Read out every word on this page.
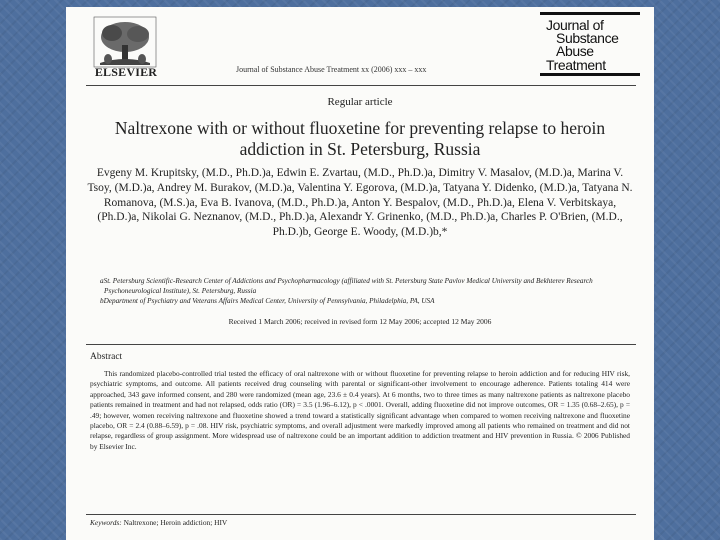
ELSEVIER	Journal of Substance Abuse Treatment xx (2006) xxx – xxx
Journal of
Substance
Abuse
Treatment
Regular article
Naltrexone with or without fluoxetine for preventing relapse to heroin addiction in St. Petersburg, Russia
Evgeny M. Krupitsky, (M.D., Ph.D.)a, Edwin E. Zvartau, (M.D., Ph.D.)a, Dimitry V. Masalov, (M.D.)a, Marina V. Tsoy, (M.D.)a, Andrey M. Burakov, (M.D.)a, Valentina Y. Egorova, (M.D.)a, Tatyana Y. Didenko, (M.D.)a, Tatyana N. Romanova, (M.S.)a, Eva B. Ivanova, (M.D., Ph.D.)a, Anton Y. Bespalov, (M.D., Ph.D.)a, Elena V. Verbitskaya, (Ph.D.)a, Nikolai G. Neznanov, (M.D., Ph.D.)a, Alexandr Y. Grinenko, (M.D., Ph.D.)a, Charles P. O'Brien, (M.D., Ph.D.)b, George E. Woody, (M.D.)b,*

aSt. Petersburg Scientific-Research Center of Addictions and Psychopharmacology (affiliated with St. Petersburg State Pavlov Medical University and Bekhterev Research Psychoneurological Institute), St. Petersburg, Russia

bDepartment of Psychiatry and Veterans Affairs Medical Center, University of Pennsylvania, Philadelphia, PA, USA

Received 1 March 2006; received in revised form 12 May 2006; accepted 12 May 2006
Abstract

This randomized placebo-controlled trial tested the efficacy of oral naltrexone with or without fluoxetine for preventing relapse to heroin addiction and for reducing HIV risk, psychiatric symptoms, and outcome. All patients received drug counseling with parental or significant-other involvement to encourage adherence. Patients totaling 414 were approached, 343 gave informed consent, and 280 were randomized (mean age, 23.6 ± 0.4 years). At 6 months, two to three times as many naltrexone patients as naltrexone placebo patients remained in treatment and had not relapsed, odds ratio (OR) = 3.5 (1.96–6.12), p < .0001. Overall, adding fluoxetine did not improve outcomes, OR = 1.35 (0.68–2.65), p = .49; however, women receiving naltrexone and fluoxetine showed a trend toward a statistically significant advantage when compared to women receiving naltrexone and fluoxetine placebo, OR = 2.4 (0.88–6.59), p = .08. HIV risk, psychiatric symptoms, and overall adjustment were markedly improved among all patients who remained on treatment and did not relapse, regardless of group assignment. More widespread use of naltrexone could be an important addition to addiction treatment and HIV prevention in Russia. © 2006 Published by Elsevier Inc.

Keywords: Naltrexone; Heroin addiction; HIV
